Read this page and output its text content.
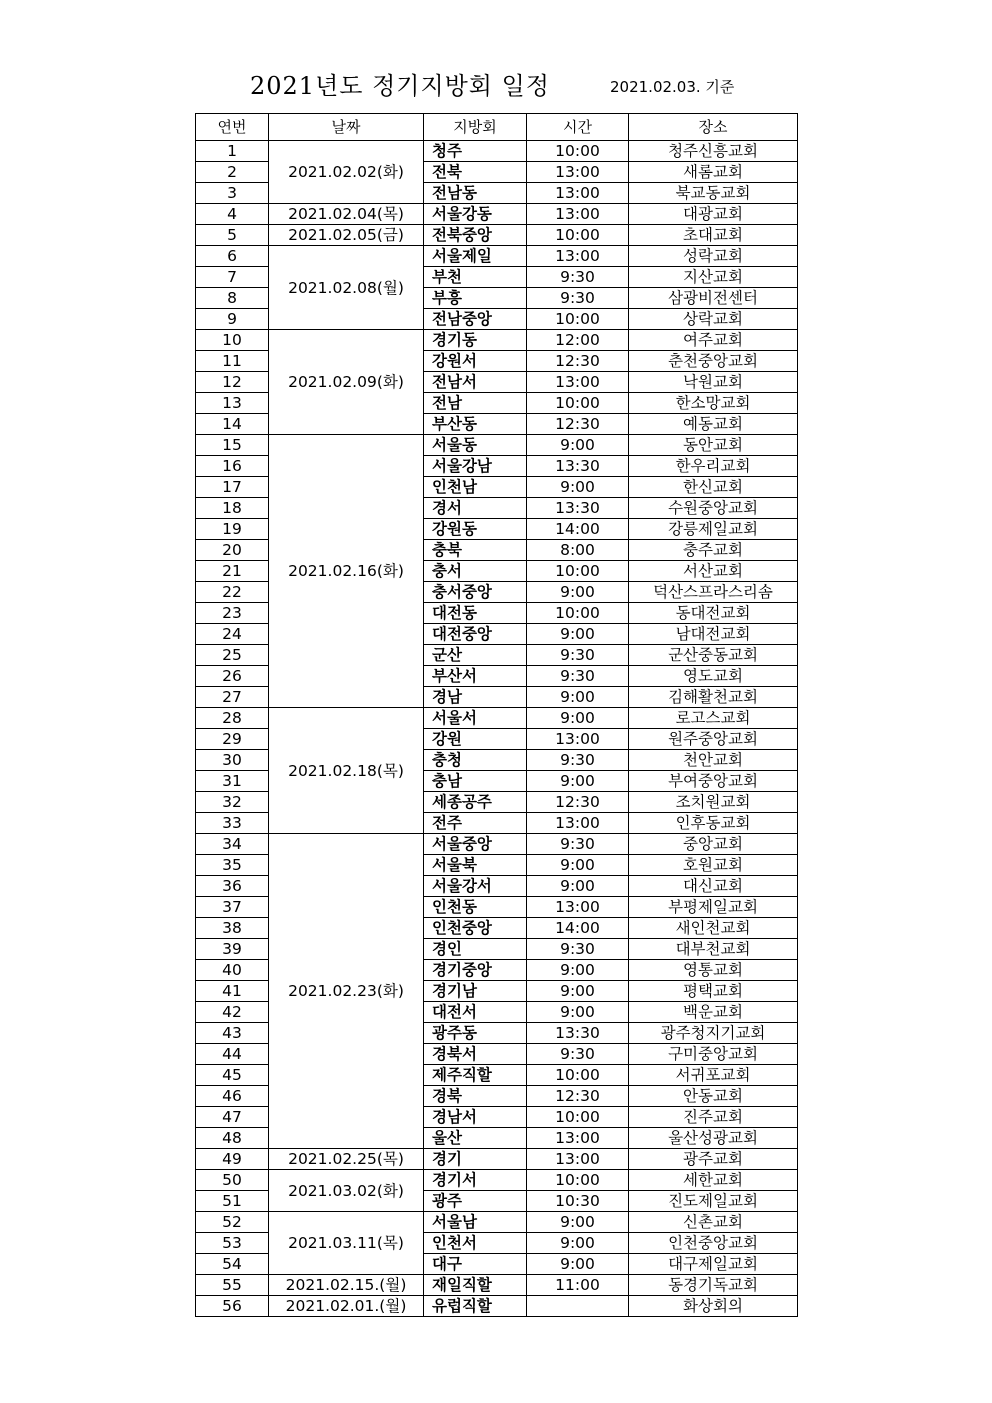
2021년도 정기지방회 일정	2021.02.03. 기준
연번	날짜	지방회	시간	장소
1	2021.02.02(화)	청주	10:00	청주신흥교회
2		전북	13:00	새롬교회
3		전남동	13:00	북교동교회
4	2021.02.04(목)	서울강동	13:00	대광교회
5	2021.02.05(금)	전북중앙	10:00	초대교회
6	2021.02.08(월)	서울제일	13:00	성락교회
7		부천	9:30	지산교회
8		부흥	9:30	삼광비전센터
9		전남중앙	10:00	상락교회
10	2021.02.09(화)	경기동	12:00	여주교회
11		강원서	12:30	춘천중앙교회
12		전남서	13:00	낙원교회
13		전남	10:00	한소망교회
14		부산동	12:30	예동교회
15	2021.02.16(화)	서울동	9:00	동안교회
16		서울강남	13:30	한우리교회
17		인천남	9:00	한신교회
18		경서	13:30	수원중앙교회
19		강원동	14:00	강릉제일교회
20		충북	8:00	충주교회
21		충서	10:00	서산교회
22		충서중앙	9:00	덕산스프라스리솜
23		대전동	10:00	동대전교회
24		대전중앙	9:00	남대전교회
25		군산	9:30	군산중동교회
26		부산서	9:30	영도교회
27		경남	9:00	김해활천교회
28	2021.02.18(목)	서울서	9:00	로고스교회
29		강원	13:00	원주중앙교회
30		충청	9:30	천안교회
31		충남	9:00	부여중앙교회
32		세종공주	12:30	조치원교회
33		전주	13:00	인후동교회
34	2021.02.23(화)	서울중앙	9:30	중앙교회
35		서울북	9:00	호원교회
36		서울강서	9:00	대신교회
37		인천동	13:00	부평제일교회
38		인천중앙	14:00	새인천교회
39		경인	9:30	대부천교회
40		경기중앙	9:00	영통교회
41		경기남	9:00	평택교회
42		대전서	9:00	백운교회
43		광주동	13:30	광주청지기교회
44		경북서	9:30	구미중앙교회
45		제주직할	10:00	서귀포교회
46		경북	12:30	안동교회
47		경남서	10:00	진주교회
48		울산	13:00	울산성광교회
49	2021.02.25(목)	경기	13:00	광주교회
50	2021.03.02(화)	경기서	10:00	세한교회
51		광주	10:30	진도제일교회
52	2021.03.11(목)	서울남	9:00	신촌교회
53		인천서	9:00	인천중앙교회
54		대구	9:00	대구제일교회
55	2021.02.15.(월)	재일직할	11:00	동경기독교회
56	2021.02.01.(월)	유럽직할		화상회의
